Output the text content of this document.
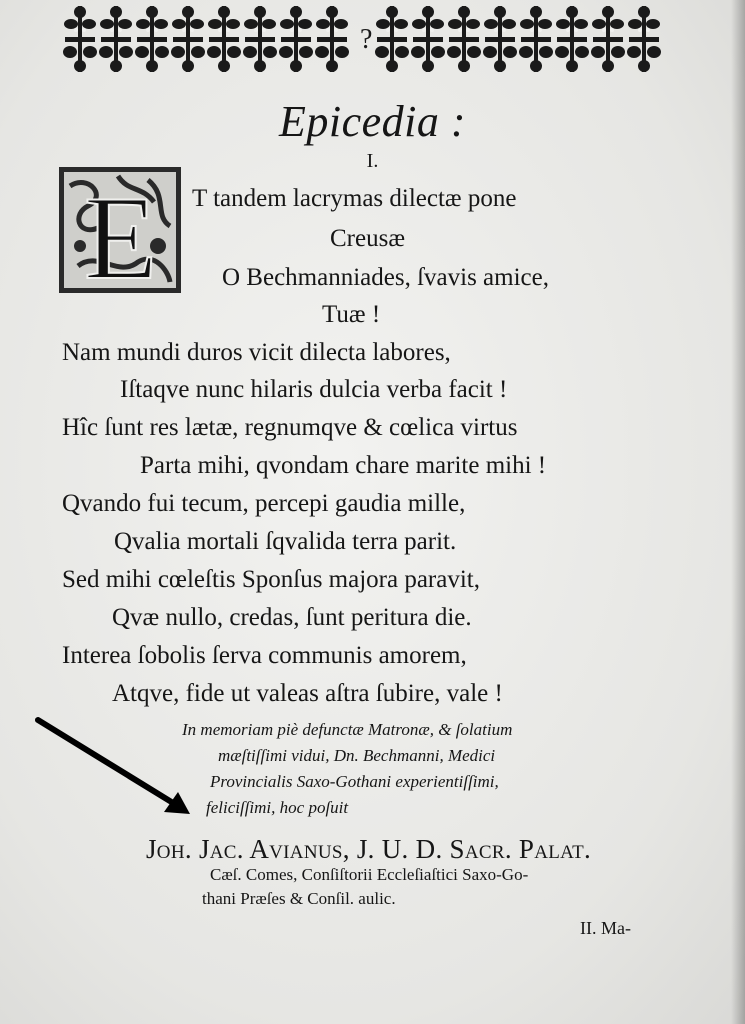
?
Epicedia :
I.
E T tandem lacrymas dilectæ pone
Creusæ
O Bechmanniades, ſvavis amice,
Tuæ !
Nam mundi duros vicit dilecta labores,
Iſtaqve nunc hilaris dulcia verba facit !
Hîc ſunt res lætæ, regnumqve & cœlica virtus
Parta mihi, qvondam chare marite mihi !
Qvando fui tecum, percepi gaudia mille,
Qvalia mortali ſqvalida terra parit.
Sed mihi cœleſtis Sponſus majora paravit,
Qvæ nullo, credas, ſunt peritura die.
Interea ſobolis ſerva communis amorem,
Atqve, fide ut valeas aſtra ſubire, vale !
In memoriam piè defunctæ Matronæ, & ſolatium
mæſtiſſimi vidui, Dn. Bechmanni, Medici
Provincialis Saxo-Gothani experientiſſimi,
feliciſſimi, hoc poſuit
Joh. Jac. Avianus, J. U. D. Sacr. Palat.
Cæſ. Comes, Conſiſtorii Eccleſiaſtici Saxo-Go-
thani Præſes & Conſil. aulic.
II. Ma-
